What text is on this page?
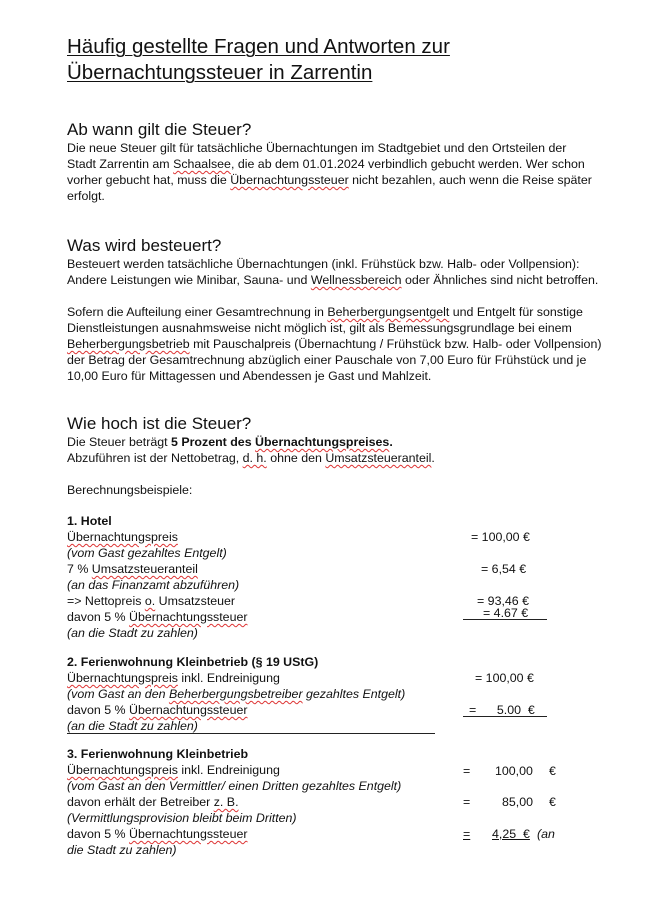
Häufig gestellte Fragen und Antworten zur
Übernachtungssteuer in Zarrentin
Ab wann gilt die Steuer?

Die neue Steuer gilt für tatsächliche Übernachtungen im Stadtgebiet und den Ortsteilen der

Stadt Zarrentin am Schaalsee, die ab dem 01.01.2024 verbindlich gebucht werden. Wer schon

vorher gebucht hat, muss die Übernachtungssteuer nicht bezahlen, auch wenn die Reise später

erfolgt.

Was wird besteuert?

Besteuert werden tatsächliche Übernachtungen (inkl. Frühstück bzw. Halb- oder Vollpension):

Andere Leistungen wie Minibar, Sauna- und Wellnessbereich oder Ähnliches sind nicht betroffen.

Sofern die Aufteilung einer Gesamtrechnung in Beherbergungsentgelt und Entgelt für sonstige

Dienstleistungen ausnahmsweise nicht möglich ist, gilt als Bemessungsgrundlage bei einem

Beherbergungsbetrieb mit Pauschalpreis (Übernachtung / Frühstück bzw. Halb- oder Vollpension)

der Betrag der Gesamtrechnung abzüglich einer Pauschale von 7,00 Euro für Frühstück und je

10,00 Euro für Mittagessen und Abendessen je Gast und Mahlzeit.

Wie hoch ist die Steuer?

Die Steuer beträgt 5 Prozent des Übernachtungspreises.

Abzuführen ist der Nettobetrag, d. h. ohne den Umsatzsteueranteil.

Berechnungsbeispiele:

1. Hotel

Übernachtungspreis

(vom Gast gezahltes Entgelt)

7 % Umsatzsteueranteil

(an das Finanzamt abzuführen)

=> Nettopreis o. Umsatzsteuer

davon 5 % Übernachtungssteuer

(an die Stadt zu zahlen)

= 100,00 €
= 6,54 €
= 93,46 €
= 4.67 €

2. Ferienwohnung Kleinbetrieb (§ 19 UStG)

Übernachtungspreis inkl. Endreinigung

(vom Gast an den Beherbergungsbetreiber gezahltes Entgelt)

davon 5 % Übernachtungssteuer

(an die Stadt zu zahlen)

= 100,00 €
=      5.00  €

3. Ferienwohnung Kleinbetrieb

Übernachtungspreis inkl. Endreinigung

(vom Gast an den Vermittler/ einen Dritten gezahltes Entgelt)

davon erhält der Betreiber z. B.

(Vermittlungsprovision bleibt beim Dritten)

davon 5 % Übernachtungssteuer

die Stadt zu zahlen)

= 100,00 €
=	85,00 €
= 4,25  € (an
